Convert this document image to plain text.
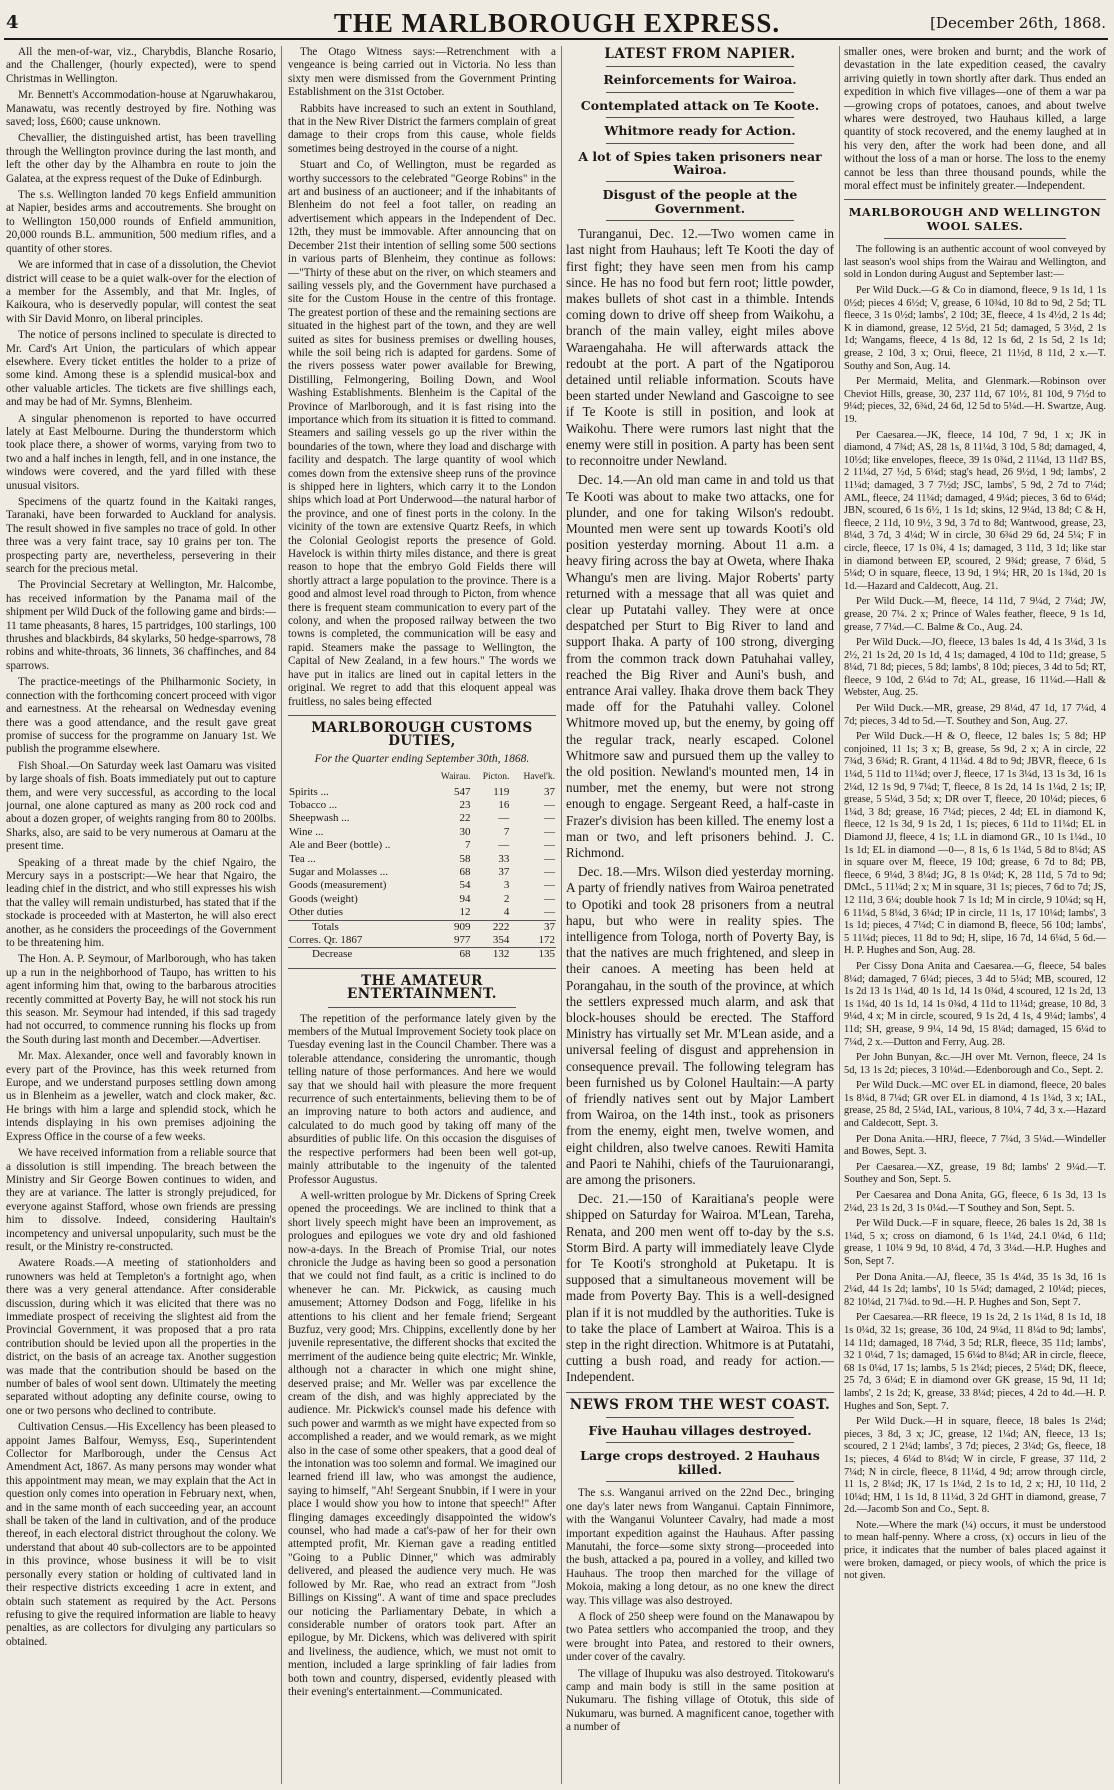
4	THE MARLBOROUGH EXPRESS.	[December 26th, 1868.

All the men-of-war, viz., Charybdis, Blanche Rosario, and the Challenger, (hourly expected), were to spend Christmas in Wellington.

Mr. Bennett's Accommodation-house at Ngaruwhakarou, Manawatu, was recently destroyed by fire. Nothing was saved; loss, £600; cause unknown.

Chevallier, the distinguished artist, has been travelling through the Wellington province during the last month, and left the other day by the Alhambra en route to join the Galatea, at the express request of the Duke of Edinburgh.

The s.s. Wellington landed 70 kegs Enfield ammunition at Napier, besides arms and accoutrements. She brought on to Wellington 150,000 rounds of Enfield ammunition, 20,000 rounds B.L. ammunition, 500 medium rifles, and a quantity of other stores.

We are informed that in case of a dissolution, the Cheviot district will cease to be a quiet walk-over for the election of a member for the Assembly, and that Mr. Ingles, of Kaikoura, who is deservedly popular, will contest the seat with Sir David Monro, on liberal principles.

The notice of persons inclined to speculate is directed to Mr. Card's Art Union, the particulars of which appear elsewhere. Every ticket entitles the holder to a prize of some kind. Among these is a splendid musical-box and other valuable articles. The tickets are five shillings each, and may be had of Mr. Symns, Blenheim.

A singular phenomenon is reported to have occurred lately at East Melbourne. During the thunderstorm which took place there, a shower of worms, varying from two to two and a half inches in length, fell, and in one instance, the windows were covered, and the yard filled with these unusual visitors.

Specimens of the quartz found in the Kaitaki ranges, Taranaki, have been forwarded to Auckland for analysis. The result showed in five samples no trace of gold. In other three was a very faint trace, say 10 grains per ton. The prospecting party are, nevertheless, persevering in their search for the precious metal.

The Provincial Secretary at Wellington, Mr. Halcombe, has received information by the Panama mail of the shipment per Wild Duck of the following game and birds:—11 tame pheasants, 8 hares, 15 partridges, 100 starlings, 100 thrushes and blackbirds, 84 skylarks, 50 hedge-sparrows, 78 robins and white-throats, 36 linnets, 36 chaffinches, and 84 sparrows.

The practice-meetings of the Philharmonic Society, in connection with the forthcoming concert proceed with vigor and earnestness. At the rehearsal on Wednesday evening there was a good attendance, and the result gave great promise of success for the programme on January 1st. We publish the programme elsewhere.

Fish Shoal.—On Saturday week last Oamaru was visited by large shoals of fish. Boats immediately put out to capture them, and were very successful, as according to the local journal, one alone captured as many as 200 rock cod and about a dozen groper, of weights ranging from 80 to 200lbs. Sharks, also, are said to be very numerous at Oamaru at the present time.

Speaking of a threat made by the chief Ngairo, the Mercury says in a postscript:—We hear that Ngairo, the leading chief in the district, and who still expresses his wish that the valley will remain undisturbed, has stated that if the stockade is proceeded with at Masterton, he will also erect another, as he considers the proceedings of the Government to be threatening him.

The Hon. A. P. Seymour, of Marlborough, who has taken up a run in the neighborhood of Taupo, has written to his agent informing him that, owing to the barbarous atrocities recently committed at Poverty Bay, he will not stock his run this season. Mr. Seymour had intended, if this sad tragedy had not occurred, to commence running his flocks up from the South during last month and December.—Advertiser.

Mr. Max. Alexander, once well and favorably known in every part of the Province, has this week returned from Europe, and we understand purposes settling down among us in Blenheim as a jeweller, watch and clock maker, &c. He brings with him a large and splendid stock, which he intends displaying in his own premises adjoining the Express Office in the course of a few weeks.

We have received information from a reliable source that a dissolution is still impending. The breach between the Ministry and Sir George Bowen continues to widen, and they are at variance. The latter is strongly prejudiced, for everyone against Stafford, whose own friends are pressing him to dissolve. Indeed, considering Haultain's incompetency and universal unpopularity, such must be the result, or the Ministry re-constructed.

Awatere Roads.—A meeting of stationholders and runowners was held at Templeton's a fortnight ago, when there was a very general attendance. After considerable discussion, during which it was elicited that there was no immediate prospect of receiving the slightest aid from the Provincial Government, it was proposed that a pro rata contribution should be levied upon all the properties in the district, on the basis of an acreage tax. Another suggestion was made that the contribution should be based on the number of bales of wool sent down. Ultimately the meeting separated without adopting any definite course, owing to one or two persons who declined to contribute.

Cultivation Census.—His Excellency has been pleased to appoint James Balfour, Wemyss, Esq., Superintendent Collector for Marlborough, under the Census Act Amendment Act, 1867. As many persons may wonder what this appointment may mean, we may explain that the Act in question only comes into operation in February next, when, and in the same month of each succeeding year, an account shall be taken of the land in cultivation, and of the produce thereof, in each electoral district throughout the colony. We understand that about 40 sub-collectors are to be appointed in this province, whose business it will be to visit personally every station or holding of cultivated land in their respective districts exceeding 1 acre in extent, and obtain such statement as required by the Act. Persons refusing to give the required information are liable to heavy penalties, as are collectors for divulging any particulars so obtained.

The Otago Witness says:—Retrenchment with a vengeance is being carried out in Victoria. No less than sixty men were dismissed from the Government Printing Establishment on the 31st October.

Rabbits have increased to such an extent in Southland, that in the New River District the farmers complain of great damage to their crops from this cause, whole fields sometimes being destroyed in the course of a night.

Stuart and Co, of Wellington, must be regarded as worthy successors to the celebrated "George Robins" in the art and business of an auctioneer; and if the inhabitants of Blenheim do not feel a foot taller, on reading an advertisement which appears in the Independent of Dec. 12th, they must be immovable. After announcing that on December 21st their intention of selling some 500 sections in various parts of Blenheim, they continue as follows:—"Thirty of these abut on the river, on which steamers and sailing vessels ply, and the Government have purchased a site for the Custom House in the centre of this frontage. The greatest portion of these and the remaining sections are situated in the highest part of the town, and they are well suited as sites for business premises or dwelling houses, while the soil being rich is adapted for gardens. Some of the rivers possess water power available for Brewing, Distilling, Felmongering, Boiling Down, and Wool Washing Establishments. Blenheim is the Capital of the Province of Marlborough, and it is fast rising into the importance which from its situation it is fitted to command. Steamers and sailing vessels go up the river within the boundaries of the town, where they load and discharge with facility and despatch. The large quantity of wool which comes down from the extensive sheep runs of the province is shipped here in lighters, which carry it to the London ships which load at Port Underwood—the natural harbor of the province, and one of finest ports in the colony. In the vicinity of the town are extensive Quartz Reefs, in which the Colonial Geologist reports the presence of Gold. Havelock is within thirty miles distance, and there is great reason to hope that the embryo Gold Fields there will shortly attract a large population to the province. There is a good and almost level road through to Picton, from whence there is frequent steam communication to every part of the colony, and when the proposed railway between the two towns is completed, the communication will be easy and rapid. Steamers make the passage to Wellington, the Capital of New Zealand, in a few hours." The words we have put in italics are lined out in capital letters in the original. We regret to add that this eloquent appeal was fruitless, no sales being effected

MARLBOROUGH CUSTOMS DUTIES,
For the Quarter ending September 30th, 1868.
	Wairau.	Picton.	Havel'k.
Spirits ...	547	119	37
Tobacco ...	23	16	—
Sheepwash ...	22	—	—
Wine ...	30	7	—
Ale and Beer (bottle) ..	7	—	—
Tea ...	58	33	—
Sugar and Molasses ...	68	37	—
Goods (measurement)	54	3	—
Goods (weight)	94	2	—
Other duties	12	4	—
Totals	909	222	37
Corres. Qr. 1867	977	354	172
Decrease	68	132	135
THE AMATEUR ENTERTAINMENT.

The repetition of the performance lately given by the members of the Mutual Improvement Society took place on Tuesday evening last in the Council Chamber. There was a tolerable attendance, considering the unromantic, though telling nature of those performances. And here we would say that we should hail with pleasure the more frequent recurrence of such entertainments, believing them to be of an improving nature to both actors and audience, and calculated to do much good by taking off many of the absurdities of public life. On this occasion the disguises of the respective performers had been been well got-up, mainly attributable to the ingenuity of the talented Professor Augustus.

A well-written prologue by Mr. Dickens of Spring Creek opened the proceedings. We are inclined to think that a short lively speech might have been an improvement, as prologues and epilogues we vote dry and old fashioned now-a-days. In the Breach of Promise Trial, our notes chronicle the Judge as having been so good a personation that we could not find fault, as a critic is inclined to do whenever he can. Mr. Pickwick, as causing much amusement; Attorney Dodson and Fogg, lifelike in his attentions to his client and her female friend; Sergeant Buzfuz, very good; Mrs. Chippins, excellently done by her juvenile representative, the different shocks that excited the merriment of the audience being quite electric; Mr. Winkle, although not a character in which one might shine, deserved praise; and Mr. Weller was par excellence the cream of the dish, and was highly appreciated by the audience. Mr. Pickwick's counsel made his defence with such power and warmth as we might have expected from so accomplished a reader, and we would remark, as we might also in the case of some other speakers, that a good deal of the intonation was too solemn and formal. We imagined our learned friend ill law, who was amongst the audience, saying to himself, "Ah! Sergeant Snubbin, if I were in your place I would show you how to intone that speech!" After flinging damages exceedingly disappointed the widow's counsel, who had made a cat's-paw of her for their own attempted profit, Mr. Kiernan gave a reading entitled "Going to a Public Dinner," which was admirably delivered, and pleased the audience very much. He was followed by Mr. Rae, who read an extract from "Josh Billings on Kissing". A want of time and space precludes our noticing the Parliamentary Debate, in which a considerable number of orators took part. After an epilogue, by Mr. Dickens, which was delivered with spirit and liveliness, the audience, which, we must not omit to mention, included a large sprinkling of fair ladies from both town and country, dispersed, evidently pleased with their evening's entertainment.—Communicated.

LATEST FROM NAPIER.
Reinforcements for Wairoa.
Contemplated attack on Te Koote.
Whitmore ready for Action.
A lot of Spies taken prisoners near Wairoa.
Disgust of the people at the Government.

Turanganui, Dec. 12.—Two women came in last night from Hauhaus; left Te Kooti the day of first fight; they have seen men from his camp since. He has no food but fern root; little powder, makes bullets of shot cast in a thimble. Intends coming down to drive off sheep from Waikohu, a branch of the main valley, eight miles above Waraengahaha. He will afterwards attack the redoubt at the port. A part of the Ngatiporou detained until reliable information. Scouts have been started under Newland and Gascoigne to see if Te Koote is still in position, and look at Waikohu. There were rumors last night that the enemy were still in position. A party has been sent to reconnoitre under Newland.

Dec. 14.—An old man came in and told us that Te Kooti was about to make two attacks, one for plunder, and one for taking Wilson's redoubt. Mounted men were sent up towards Kooti's old position yesterday morning. About 11 a.m. a heavy firing across the bay at Oweta, where Ihaka Whangu's men are living. Major Roberts' party returned with a message that all was quiet and clear up Putatahi valley. They were at once despatched per Sturt to Big River to land and support Ihaka. A party of 100 strong, diverging from the common track down Patuhahai valley, reached the Big River and Auni's bush, and entrance Arai valley. Ihaka drove them back They made off for the Patuhahi valley. Colonel Whitmore moved up, but the enemy, by going off the regular track, nearly escaped. Colonel Whitmore saw and pursued them up the valley to the old position. Newland's mounted men, 14 in number, met the enemy, but were not strong enough to engage. Sergeant Reed, a half-caste in Frazer's division has been killed. The enemy lost a man or two, and left prisoners behind. J. C. Richmond.

Dec. 18.—Mrs. Wilson died yesterday morning. A party of friendly natives from Wairoa penetrated to Opotiki and took 28 prisoners from a neutral hapu, but who were in reality spies. The intelligence from Tologa, north of Poverty Bay, is that the natives are much frightened, and sleep in their canoes. A meeting has been held at Porangahau, in the south of the province, at which the settlers expressed much alarm, and ask that block-houses should be erected. The Stafford Ministry has virtually set Mr. M'Lean aside, and a universal feeling of disgust and apprehension in consequence prevail. The following telegram has been furnished us by Colonel Haultain:—A party of friendly natives sent out by Major Lambert from Wairoa, on the 14th inst., took as prisoners from the enemy, eight men, twelve women, and eight children, also twelve canoes. Rewiti Hamita and Paori te Nahihi, chiefs of the Tauruionarangi, are among the prisoners.

Dec. 21.—150 of Karaitiana's people were shipped on Saturday for Wairoa. M'Lean, Tareha, Renata, and 200 men went off to-day by the s.s. Storm Bird. A party will immediately leave Clyde for Te Kooti's stronghold at Puketapu. It is supposed that a simultaneous movement will be made from Poverty Bay. This is a well-designed plan if it is not muddled by the authorities. Tuke is to take the place of Lambert at Wairoa. This is a step in the right direction. Whitmore is at Putatahi, cutting a bush road, and ready for action.—Independent.

NEWS FROM THE WEST COAST.
Five Hauhau villages destroyed.
Large crops destroyed. 2 Hauhaus killed.

The s.s. Wanganui arrived on the 22nd Dec., bringing one day's later news from Wanganui. Captain Finnimore, with the Wanganui Volunteer Cavalry, had made a most important expedition against the Hauhaus. After passing Manutahi, the force—some sixty strong—proceeded into the bush, attacked a pa, poured in a volley, and killed two Hauhaus. The troop then marched for the village of Mokoia, making a long detour, as no one knew the direct way. This village was also destroyed.

A flock of 250 sheep were found on the Manawapou by two Patea settlers who accompanied the troop, and they were brought into Patea, and restored to their owners, under cover of the cavalry.

The village of Ihupuku was also destroyed. Titokowaru's camp and main body is still in the same position at Nukumaru. The fishing village of Ototuk, this side of Nukumaru, was burned. A magnificent canoe, together with a number of

smaller ones, were broken and burnt; and the work of devastation in the late expedition ceased, the cavalry arriving quietly in town shortly after dark. Thus ended an expedition in which five villages—one of them a war pa—growing crops of potatoes, canoes, and about twelve whares were destroyed, two Hauhaus killed, a large quantity of stock recovered, and the enemy laughed at in his very den, after the work had been done, and all without the loss of a man or horse. The loss to the enemy cannot be less than three thousand pounds, while the moral effect must be infinitely greater.—Independent.

MARLBOROUGH AND WELLINGTON WOOL SALES.

The following is an authentic account of wool conveyed by last season's wool ships from the Wairau and Wellington, and sold in London during August and September last:—

Per Wild Duck.—G & Co in diamond, fleece, 9 1s 1d, 1 1s 0½d; pieces 4 6½d; V, grease, 6 10¾d, 10 8d to 9d, 2 5d; TL fleece, 3 1s 0½d; lambs', 2 10d; 3E, fleece, 4 1s 4½d, 2 1s 4d; K in diamond, grease, 12 5½d, 21 5d; damaged, 5 3½d, 2 1s 1d; Wangams, fleece, 4 1s 8d, 12 1s 6d, 2 1s 5d, 2 1s 1d; grease, 2 10d, 3 x; Orui, fleece, 21 11½d, 8 11d, 2 x.—T. Southy and Son, Aug. 14.

Per Mermaid, Melita, and Glenmark.—Robinson over Cheviot Hills, grease, 30, 237 11d, 67 10½, 81 10d, 9 7½d to 9¼d; pieces, 32, 6¾d, 24 6d, 12 5d to 5¼d.—H. Swartze, Aug. 19.

Per Caesarea.—JK, fleece, 14 10d, 7 9d, 1 x; JK in diamond, 4 7¾d; AS, 28 1s, 8 11¼d, 3 10d, 5 8d; damaged, 4, 10½d; like envelopes, fleece, 39 1s 0¾d, 2 11¼d, 13 11d? BS, 2 11¼d, 27 ½d, 5 6¼d; stag's head, 26 9½d, 1 9d; lambs', 2 11¼d; damaged, 3 7 7½d; JSC, lambs', 5 9d, 2 7d to 7¼d; AML, fleece, 24 11¼d; damaged, 4 9¼d; pieces, 3 6d to 6¼d; JBN, scoured, 6 1s 6½, 1 1s 1d; skins, 12 9¼d, 13 8d; C & H, fleece, 2 11d, 10 9½, 3 9d, 3 7d to 8d; Wantwood, grease, 23, 8¼d, 3 7d, 3 4¼d; W in circle, 30 6¾d 29 6d, 24 5¼; F in circle, fleece, 17 1s 0¾, 4 1s; damaged, 3 11d, 3 1d; like star in diamond between EP, scoured, 2 9¾d; grease, 7 6¼d, 5 5¼d; O in square, fleece, 13 9d, 1 9¼; HR, 20 1s 1¾d, 20 1s 1d.—Hazard and Caldecott, Aug. 21.

Per Wild Duck.—M, fleece, 14 11d, 7 9¼d, 2 7¼d; JW, grease, 20 7¼. 2 x; Prince of Wales feather, fleece, 9 1s 1d, grease, 7 7¼d.—C. Balme & Co., Aug. 24.

Per Wild Duck.—JO, fleece, 13 bales 1s 4d, 4 1s 3¼d, 3 1s 2½, 21 1s 2d, 20 1s 1d, 4 1s; damaged, 4 10d to 11d; grease, 5 8¼d, 71 8d; pieces, 5 8d; lambs', 8 10d; pieces, 3 4d to 5d; RT, fleece, 9 10d, 2 6¼d to 7d; AL, grease, 16 11¼d.—Hall & Webster, Aug. 25.

Per Wild Duck.—MR, grease, 29 8¼d, 47 1d, 17 7¼d, 4 7d; pieces, 3 4d to 5d.—T. Southey and Son, Aug. 27.

Per Wild Duck.—H & O, fleece, 12 bales 1s; 5 8d; HP conjoined, 11 1s; 3 x; B, grease, 5s 9d, 2 x; A in circle, 22 7¾d, 3 6¾d; R. Grant, 4 11¼d. 4 8d to 9d; JBVR, fleece, 6 1s 1¼d, 5 11d to 11¼d; over J, fleece, 17 1s 3¼d, 13 1s 3d, 16 1s 2¼d, 12 1s 9d, 9 7¼d; T, fleece, 8 1s 2d, 14 1s 1¼d, 2 1s; IP, grease, 5 5¼d, 3 5d; x; DR over T, fleece, 20 10¼d; pieces, 6 1¼d, 3 8d; grease, 16 7¼d; pieces, 2 4d; EL in diamond K, fleece, 12 1s 3d, 9 1s 2d, 1 1s; pieces, 6 11d to 11¼d; EL in Diamond JJ, fleece, 4 1s; 1.L in diamond GR., 10 1s 1¼d., 10 1s 1d; EL in diamond —0—, 8 1s, 6 1s 1¼d, 5 8d to 8¼d; AS in square over M, fleece, 19 10d; grease, 6 7d to 8d; PB, fleece, 6 9¼d, 3 8¼d; JG, 8 1s 0¼d; K, 28 11d, 5 7d to 9d; DMcL, 5 11¼d; 2 x; M in square, 31 1s; pieces, 7 6d to 7d; JS, 12 11d, 3 6¼; double hook 7 1s 1d; M in circle, 9 10¼d; sq H, 6 11¼d, 5 8¼d, 3 6¼d; IP in circle, 11 1s, 17 10¼d; lambs', 3 1s 1d; pieces, 4 7¼d; C in diamond B, fleece, 56 10d; lambs', 5 11¼d; pieces, 11 8d to 9d; H, slipe, 16 7d, 14 6¼d, 5 6d.—H. P. Hughes and Son, Aug. 28.

Per Cissy Dona Anita and Caesarea.—G, fleece, 54 bales 8¼d; damaged, 7 6¼d; pieces, 3 4d to 5¼d; MB, scoured, 12 1s 2d 13 1s 1¼d, 40 1s 1d, 14 1s 0¾d, 4 scoured, 12 1s 2d, 13 1s 1¼d, 40 1s 1d, 14 1s 0¾d, 4 11d to 11¼d; grease, 10 8d, 3 9¼d, 4 x; M in circle, scoured, 9 1s 2d, 4 1s, 4 9¼d; lambs', 4 11d; SH, grease, 9 9¼, 14 9d, 15 8¼d; damaged, 15 6¼d to 7¼d, 2 x.—Dutton and Ferry, Aug. 28.

Per John Bunyan, &c.—JH over Mt. Vernon, fleece, 24 1s 5d, 13 1s 2d; pieces, 3 10¼d.—Edenborough and Co., Sept. 2.

Per Wild Duck.—MC over EL in diamond, fleece, 20 bales 1s 8¼d, 8 7¼d; GR over EL in diamond, 4 1s 1¼d, 3 x; IAL, grease, 25 8d, 2 5¼d, IAL, various, 8 10¼, 7 4d, 3 x.—Hazard and Caldecott, Sept. 3.

Per Dona Anita.—HRJ, fleece, 7 7¼d, 3 5¼d.—Windeller and Bowes, Sept. 3.

Per Caesarea.—XZ, grease, 19 8d; lambs' 2 9¼d.—T. Southey and Son, Sept. 5.

Per Caesarea and Dona Anita, GG, fleece, 6 1s 3d, 13 1s 2¼d, 23 1s 2d, 3 1s 0¼d.—T Southey and Son, Sept. 5.

Per Wild Duck.—F in square, fleece, 26 bales 1s 2d, 38 1s 1¼d, 5 x; cross on diamond, 6 1s 1¼d, 24.1 0¼d, 6 11d; grease, 1 10¼ 9 9d, 10 8¼d, 4 7d, 3 3¼d.—H.P. Hughes and Son, Sept 7.

Per Dona Anita.—AJ, fleece, 35 1s 4¼d, 35 1s 3d, 16 1s 2¼d, 44 1s 2d; lambs', 10 1s 5¼d; damaged, 2 10¼d; pieces, 82 10¼d, 21 7¼d. to 9d.—H. P. Hughes and Son, Sept 7.

Per Caesarea.—RR fleece, 19 1s 2d, 2 1s 1¼d, 8 1s 1d, 18 1s 0¼d, 32 1s; grease, 36 10d, 24 9¼d, 11 8¼d to 9d; lambs', 14 11d; damaged, 18 7¼d, 3 5d; RLR, fleece, 35 11d; lambs', 32 1 0¼d, 7 1s; damaged, 15 6¼d to 8¼d; AR in circle, fleece, 68 1s 0¼d, 17 1s; lambs, 5 1s 2¼d; pieces, 2 5¼d; DK, fleece, 25 7d, 3 6¼d; E in diamond over GK grease, 15 9d, 11 1d; lambs', 2 1s 2d; K, grease, 33 8¼d; pieces, 4 2d to 4d.—H. P. Hughes and Son, Sept. 7.

Per Wild Duck.—H in square, fleece, 18 bales 1s 2¼d; pieces, 3 8d, 3 x; JC, grease, 12 1¼d; AN, fleece, 13 1s; scoured, 2 1 2¼d; lambs', 3 7d; pieces, 2 3¼d; Gs, fleece, 18 1s; pieces, 4 6¼d to 8¼d; W in circle, F grease, 37 11d, 2 7¼d; N in circle, fleece, 8 11¼d, 4 9d; arrow through circle, 11 1s, 2 8¼d; JK, 17 1s 1¼d, 2 1s to 1d, 2 x; HJ, 10 11d, 2 10¼d; HM, 1 1s 1d, 8 11¼d, 3 2d GHT in diamond, grease, 7 2d.—Jacomb Son and Co., Sept. 8.

Note.—Where the mark (¼) occurs, it must be understood to mean half-penny. Where a cross, (x) occurs in lieu of the price, it indicates that the number of bales placed against it were broken, damaged, or piecy wools, of which the price is not given.
